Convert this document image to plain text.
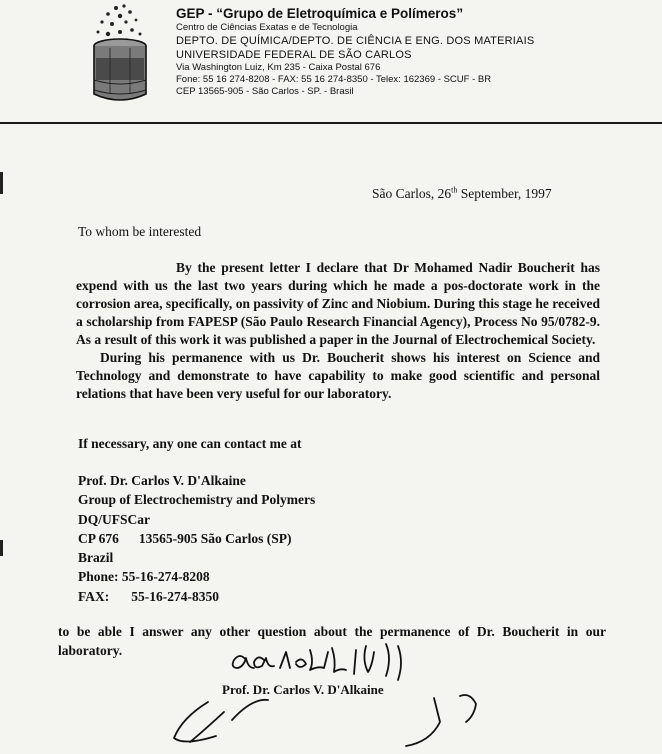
GEP - “Grupo de Eletroquímica e Polímeros”
Centro de Ciências Exatas e de Tecnologia
DEPTO. DE QUÍMICA/DEPTO. DE CIÊNCIA E ENG. DOS MATERIAIS
UNIVERSIDADE FEDERAL DE SÃO CARLOS
Via Washington Luiz, Km 235 - Caixa Postal 676
Fone: 55 16 274-8208 - FAX: 55 16 274-8350 - Telex: 162369 - SCUF - BR
CEP 13565-905 - São Carlos - SP. - Brasil
São Carlos, 26th September, 1997
To whom be interested

By the present letter I declare that Dr Mohamed Nadir Boucherit has expend with us the last two years during which he made a pos-doctorate work in the corrosion area, specifically, on passivity of Zinc and Niobium. During this stage he received a scholarship from FAPESP (São Paulo Research Financial Agency), Process No 95/0782-9. As a result of this work it was published a paper in the Journal of Electrochemical Society.

During his permanence with us Dr. Boucherit shows his interest on Science and Technology and demonstrate to have capability to make good scientific and personal relations that have been very useful for our laboratory.

If necessary, any one can contact me at
Prof. Dr. Carlos V. D'Alkaine
Group of Electrochemistry and Polymers
DQ/UFSCar
CP 676 13565-905 São Carlos (SP)
Brazil
Phone: 55-16-274-8208
FAX: 55-16-274-8350

to be able I answer any other question about the permanence of Dr. Boucherit in our laboratory.

Prof. Dr. Carlos V. D'Alkaine
